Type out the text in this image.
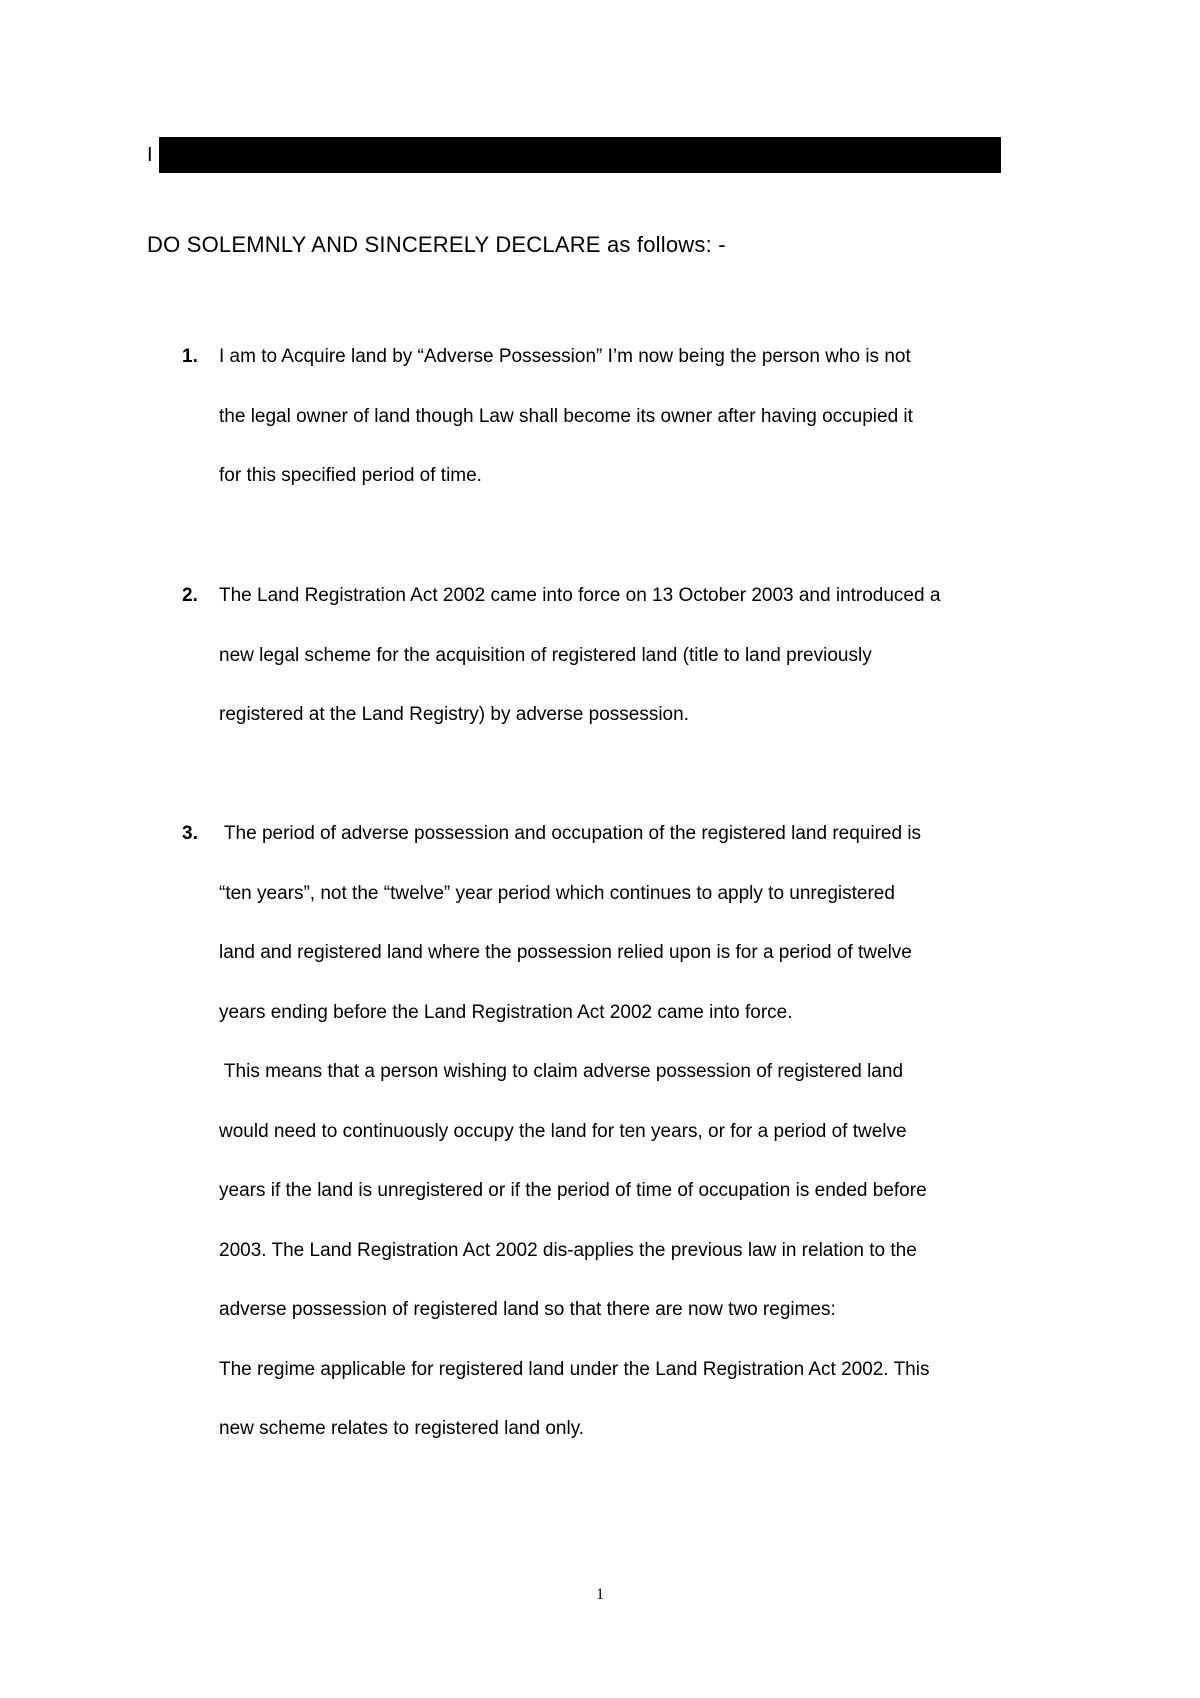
I
DO SOLEMNLY AND SINCERELY DECLARE as follows: -
1. I am to Acquire land by “Adverse Possession” I’m now being the person who is not

the legal owner of land though Law shall become its owner after having occupied it

for this specified period of time.

2. The Land Registration Act 2002 came into force on 13 October 2003 and introduced a

new legal scheme for the acquisition of registered land (title to land previously

registered at the Land Registry) by adverse possession.

3. The period of adverse possession and occupation of the registered land required is

“ten years”, not the “twelve” year period which continues to apply to unregistered

land and registered land where the possession relied upon is for a period of twelve

years ending before the Land Registration Act 2002 came into force.

This means that a person wishing to claim adverse possession of registered land

would need to continuously occupy the land for ten years, or for a period of twelve

years if the land is unregistered or if the period of time of occupation is ended before

2003. The Land Registration Act 2002 dis-applies the previous law in relation to the

adverse possession of registered land so that there are now two regimes:

The regime applicable for registered land under the Land Registration Act 2002. This

new scheme relates to registered land only.

1
